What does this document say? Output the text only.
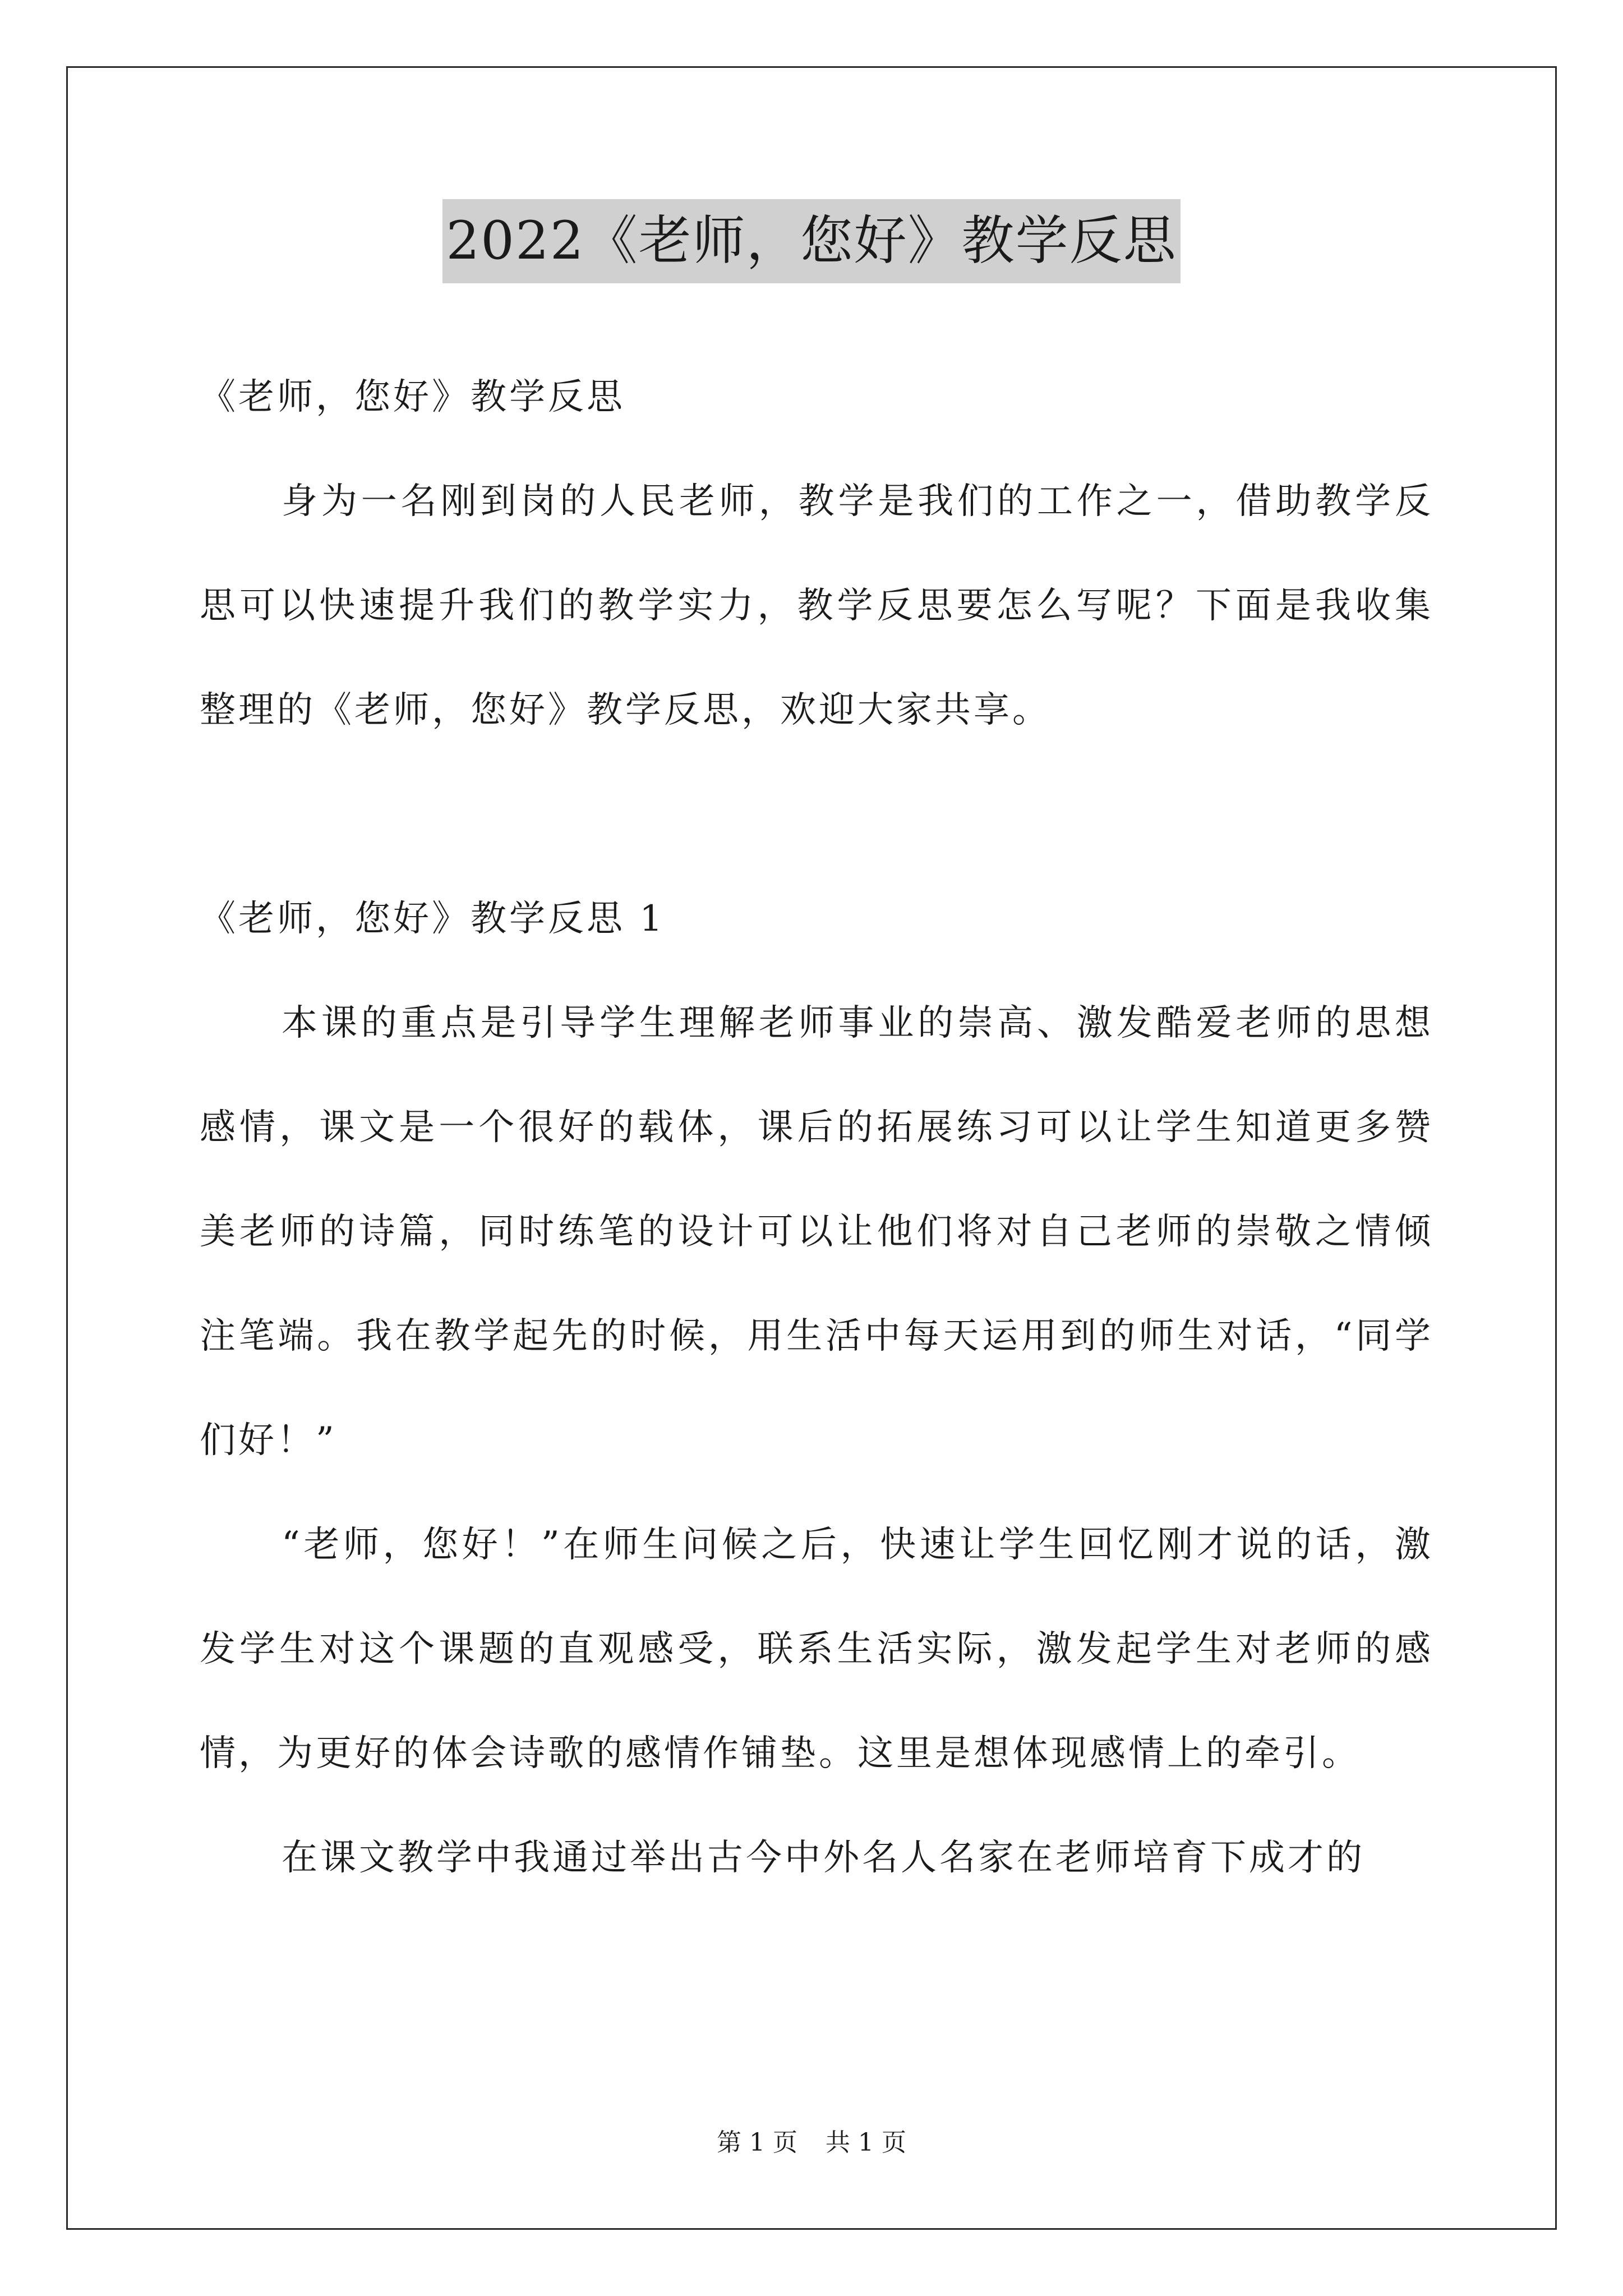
2022《老师，您好》教学反思

《老师，您好》教学反思

身为一名刚到岗的人民老师，教学是我们的工作之一，借助教学反思可以快速提升我们的教学实力，教学反思要怎么写呢？下面是我收集整理的《老师，您好》教学反思，欢迎大家共享。

《老师，您好》教学反思 1

本课的重点是引导学生理解老师事业的崇高、激发酷爱老师的思想感情，课文是一个很好的载体，课后的拓展练习可以让学生知道更多赞美老师的诗篇，同时练笔的设计可以让他们将对自己老师的崇敬之情倾注笔端。我在教学起先的时候，用生活中每天运用到的师生对话，“同学们好！”

“老师，您好！”在师生问候之后，快速让学生回忆刚才说的话，激发学生对这个课题的直观感受，联系生活实际，激发起学生对老师的感情，为更好的体会诗歌的感情作铺垫。这里是想体现感情上的牵引。

在课文教学中我通过举出古今中外名人名家在老师培育下成才的

第 1 页 共 1 页
